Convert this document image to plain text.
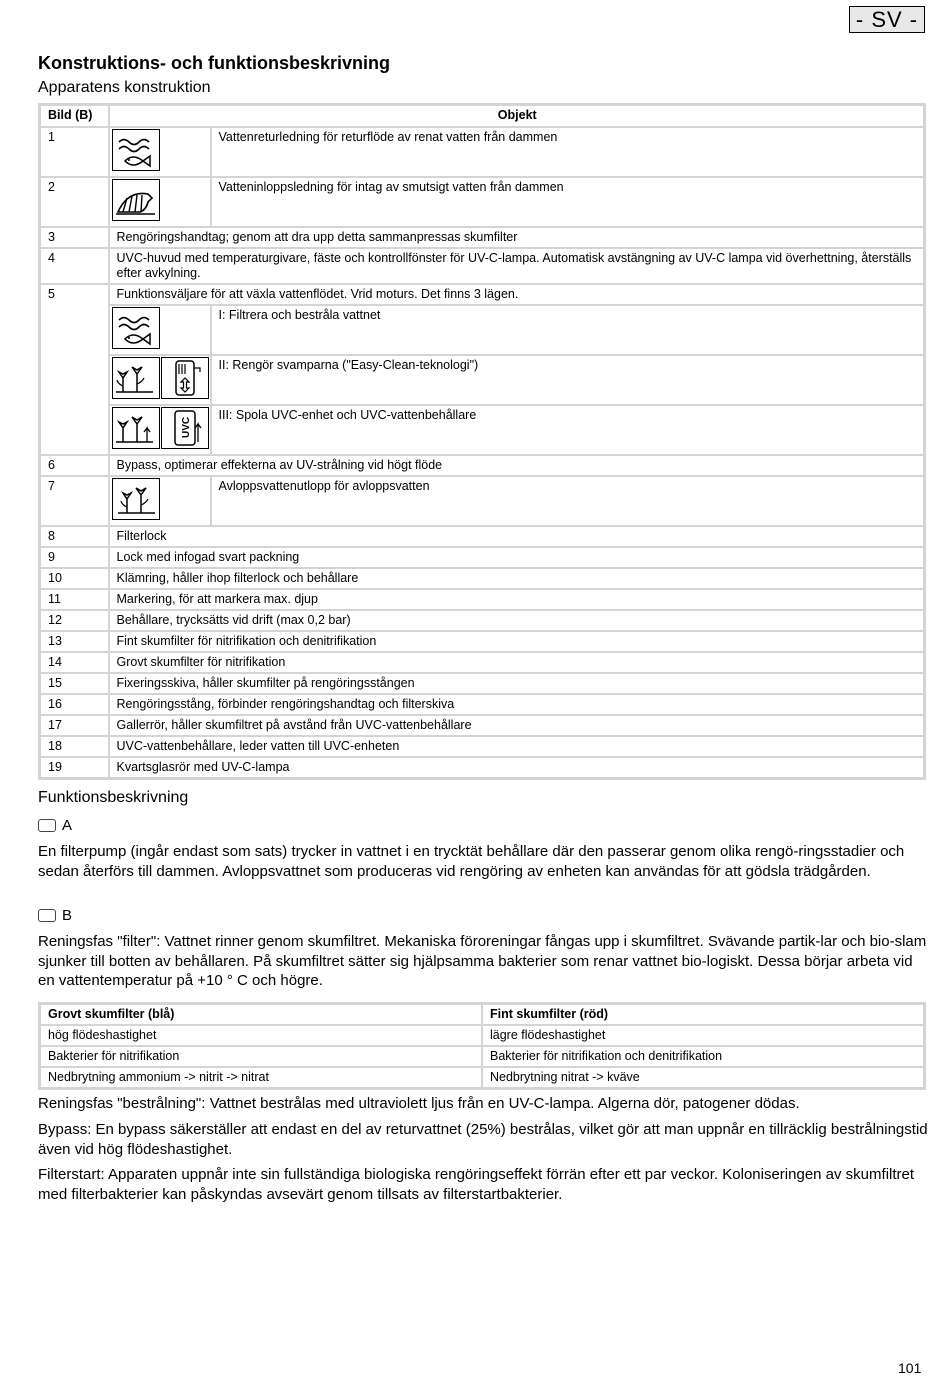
- SV -
Konstruktions- och funktionsbeskrivning
Apparatens konstruktion
Bild (B)	Objekt	
1		Vattenreturledning för returflöde av renat vatten från dammen
2		Vatteninloppsledning för intag av smutsigt vatten från dammen
3	Rengöringshandtag; genom att dra upp detta sammanpressas skumfilter	
4	UVC-huvud med temperaturgivare, fäste och kontrollfönster för UV-C-lampa. Automatisk avstängning av UV-C lampa vid överhettning, återställs efter avkylning.	
5	Funktionsväljare för att växla vattenflödet. Vrid moturs. Det finns 3 lägen.	

	I: Filtrera och bestråla vattnet

	II: Rengör svamparna ("Easy-Clean-teknologi")

UVC	III: Spola UVC-enhet och UVC-vattenbehållare
6	Bypass, optimerar effekterna av UV-strålning vid högt flöde	
7		Avloppsvattenutlopp för avloppsvatten
8	Filterlock	
9	Lock med infogad svart packning	
10	Klämring, håller ihop filterlock och behållare	
11	Markering, för att markera max. djup	
12	Behållare, trycksätts vid drift (max 0,2 bar)	
13	Fint skumfilter för nitrifikation och denitrifikation	
14	Grovt skumfilter för nitrifikation	
15	Fixeringsskiva, håller skumfilter på rengöringsstången	
16	Rengöringsstång, förbinder rengöringshandtag och filterskiva	
17	Gallerrör, håller skumfiltret på avstånd från UVC-vattenbehållare	
18	UVC-vattenbehållare, leder vatten till UVC-enheten	
19	Kvartsglasrör med UV-C-lampa	
Funktionsbeskrivning
A

En filterpump (ingår endast som sats) trycker in vattnet i en trycktät behållare där den passerar genom olika rengö-ringsstadier och sedan återförs till dammen. Avloppsvattnet som produceras vid rengöring av enheten kan användas för att gödsla trädgården.

B

Reningsfas "filter": Vattnet rinner genom skumfiltret. Mekaniska föroreningar fångas upp i skumfiltret. Svävande partik-lar och bio-slam sjunker till botten av behållaren. På skumfiltret sätter sig hjälpsamma bakterier som renar vattnet bio-logiskt. Dessa börjar arbeta vid en vattentemperatur på +10 ° C och högre.

Grovt skumfilter (blå)	Fint skumfilter (röd)
hög flödeshastighet	lägre flödeshastighet
Bakterier för nitrifikation	Bakterier för nitrifikation och denitrifikation
Nedbrytning ammonium -> nitrit -> nitrat	Nedbrytning nitrat -> kväve

Reningsfas "bestrålning": Vattnet bestrålas med ultraviolett ljus från en UV-C-lampa. Algerna dör, patogener dödas.

Bypass: En bypass säkerställer att endast en del av returvattnet (25%) bestrålas, vilket gör att man uppnår en tillräcklig bestrålningstid även vid hög flödeshastighet.

Filterstart: Apparaten uppnår inte sin fullständiga biologiska rengöringseffekt förrän efter ett par veckor. Koloniseringen av skumfiltret med filterbakterier kan påskyndas avsevärt genom tillsats av filterstartbakterier.

101
